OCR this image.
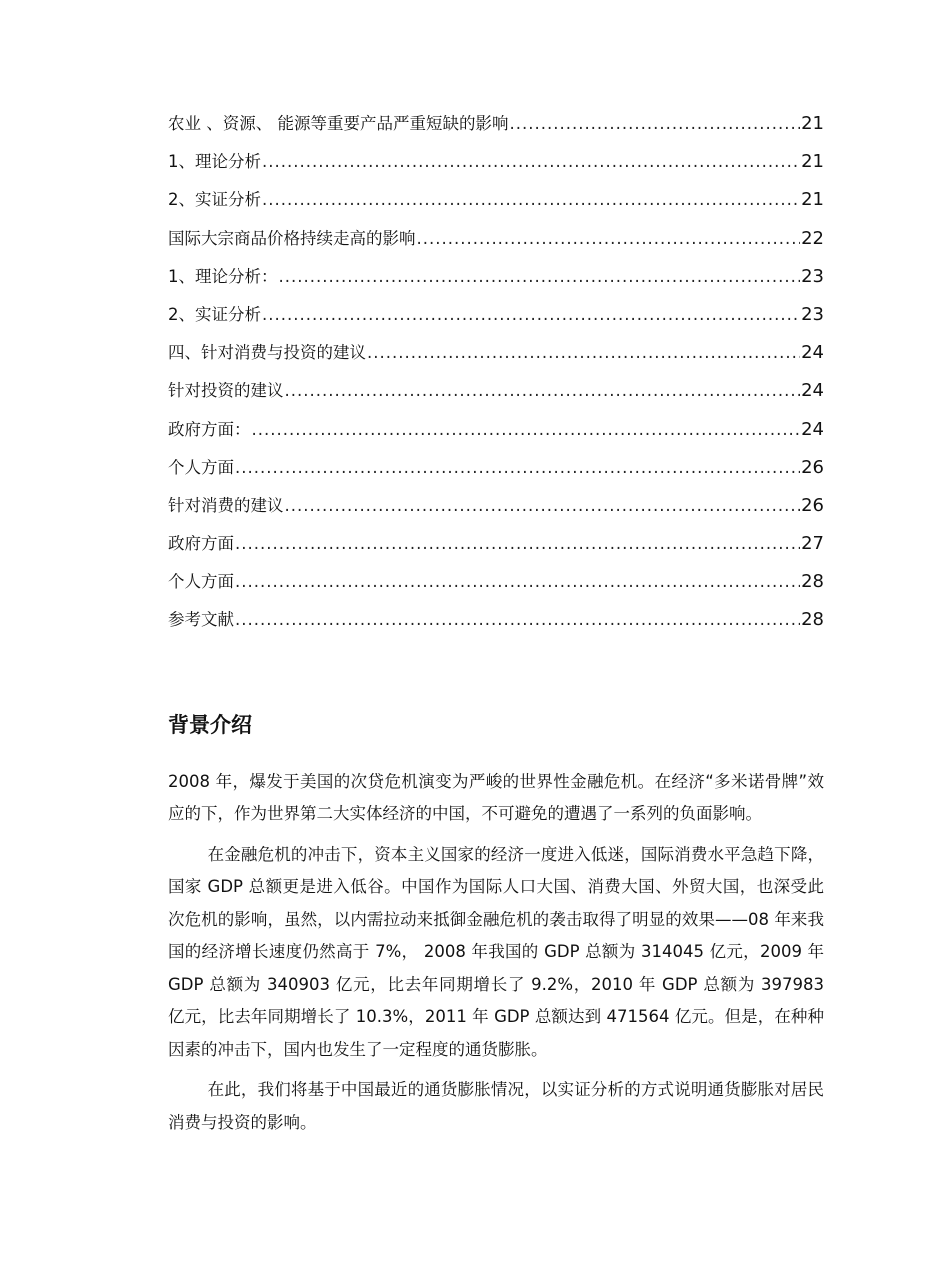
农业 、资源、 能源等重要产品严重短缺的影响 .....	21
1、理论分析 .....	21
2、实证分析 .....	21
国际大宗商品价格持续走高的影响 .....	22
1、理论分析： .....	23
2、实证分析 .....	23
四、针对消费与投资的建议 .....	24
针对投资的建议 .....	24
政府方面： .....	24
个人方面 .....	26
针对消费的建议 .....	26
政府方面 .....	27
个人方面 .....	28
参考文献 .....	28
背景介绍

2008 年，爆发于美国的次贷危机演变为严峻的世界性金融危机。在经济“多米诺骨牌”效应的下，作为世界第二大实体经济的中国，不可避免的遭遇了一系列的负面影响。

在金融危机的冲击下，资本主义国家的经济一度进入低迷，国际消费水平急趋下降，国家 GDP 总额更是进入低谷。中国作为国际人口大国、消费大国、外贸大国，也深受此次危机的影响，虽然，以内需拉动来抵御金融危机的袭击取得了明显的效果——08 年来我国的经济增长速度仍然高于 7%， 2008 年我国的 GDP 总额为 314045 亿元，2009 年 GDP 总额为 340903 亿元，比去年同期增长了 9.2%，2010 年 GDP 总额为 397983 亿元，比去年同期增长了 10.3%，2011 年 GDP 总额达到 471564 亿元。但是，在种种因素的冲击下，国内也发生了一定程度的通货膨胀。

在此，我们将基于中国最近的通货膨胀情况，以实证分析的方式说明通货膨胀对居民消费与投资的影响。
